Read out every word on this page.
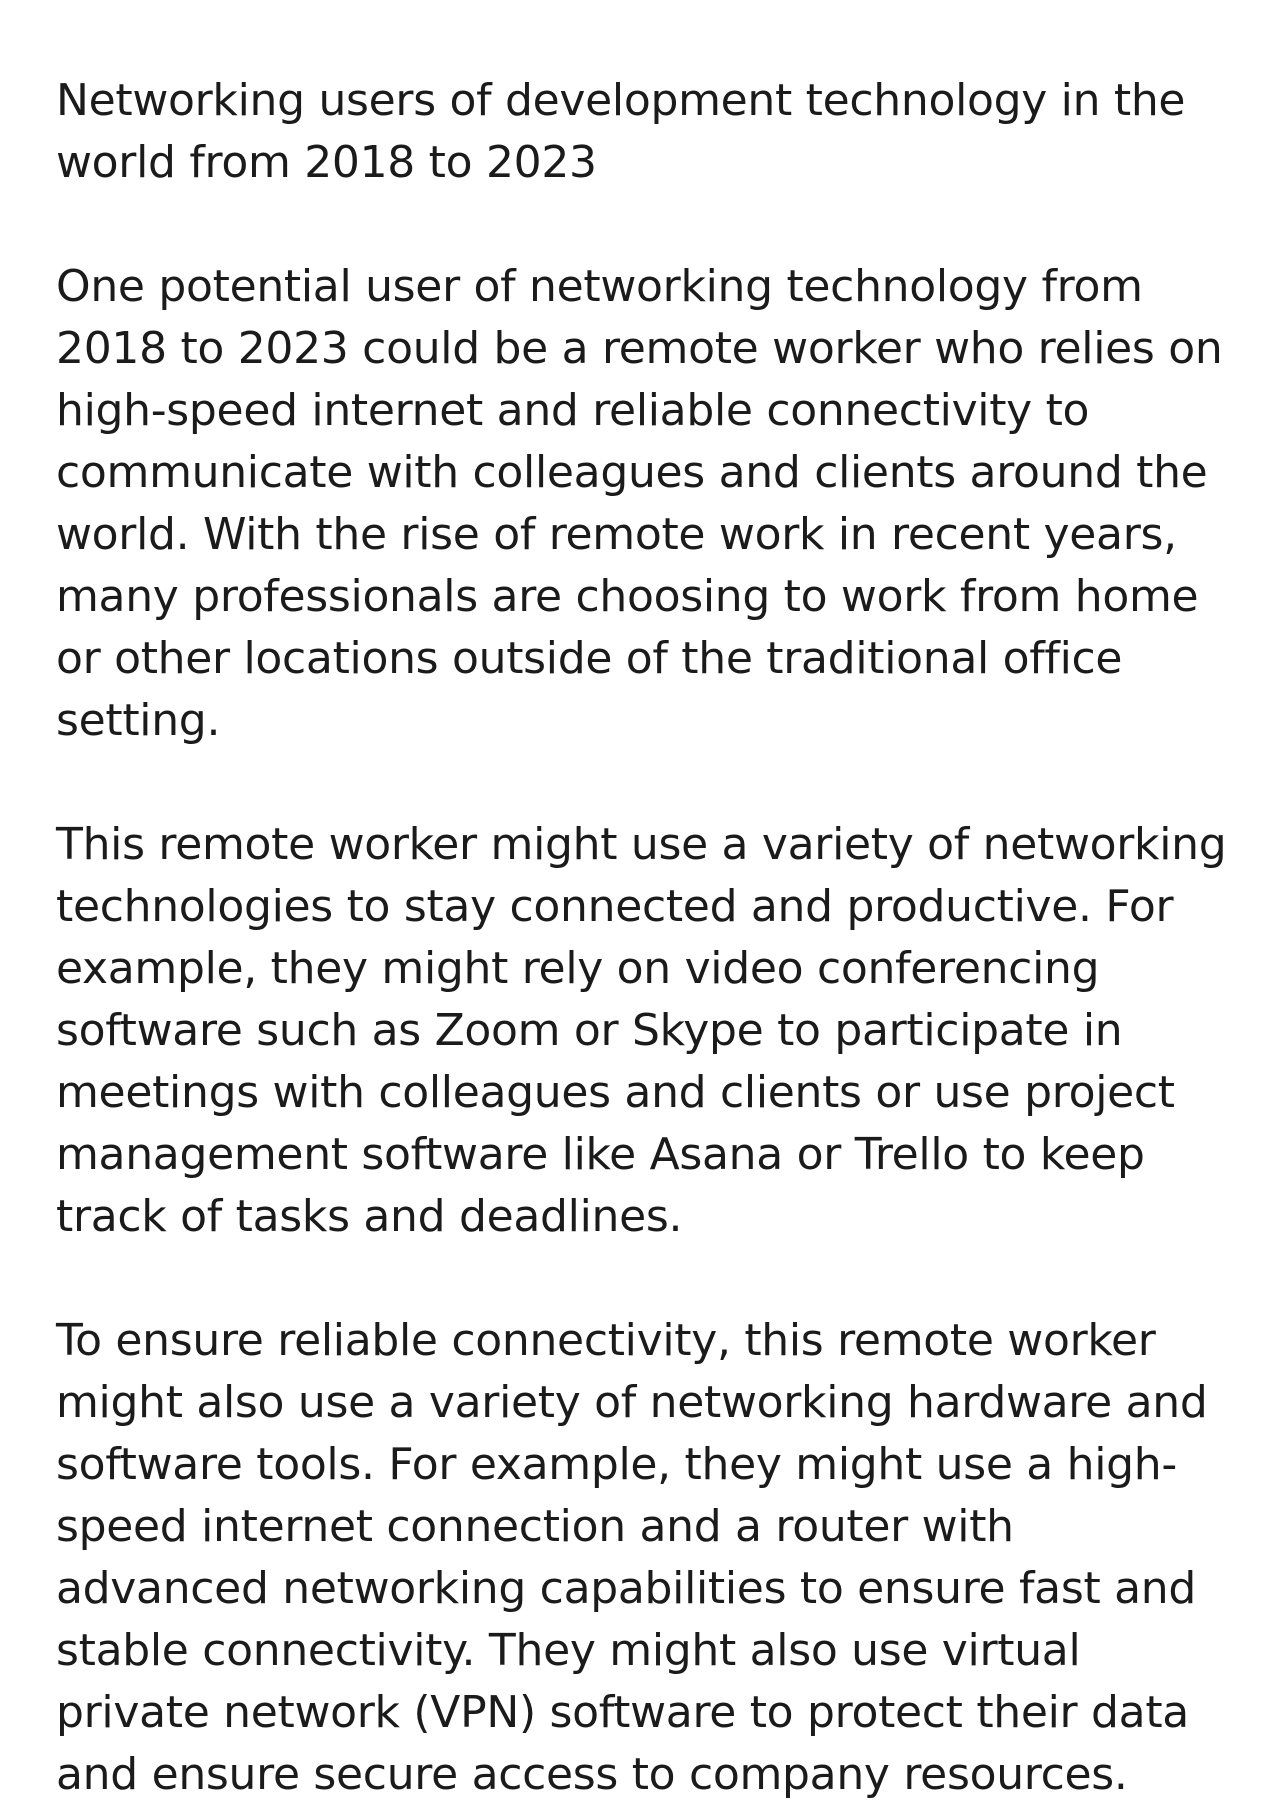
Networking users of development technology in the world from 2018 to 2023

One potential user of networking technology from 2018 to 2023 could be a remote worker who relies on high-speed internet and reliable connectivity to communicate with colleagues and clients around the world. With the rise of remote work in recent years, many professionals are choosing to work from home or other locations outside of the traditional office setting.

This remote worker might use a variety of networking technologies to stay connected and productive. For example, they might rely on video conferencing software such as Zoom or Skype to participate in meetings with colleagues and clients or use project management software like Asana or Trello to keep track of tasks and deadlines.

To ensure reliable connectivity, this remote worker might also use a variety of networking hardware and software tools. For example, they might use a high-speed internet connection and a router with advanced networking capabilities to ensure fast and stable connectivity. They might also use virtual private network (VPN) software to protect their data and ensure secure access to company resources.
